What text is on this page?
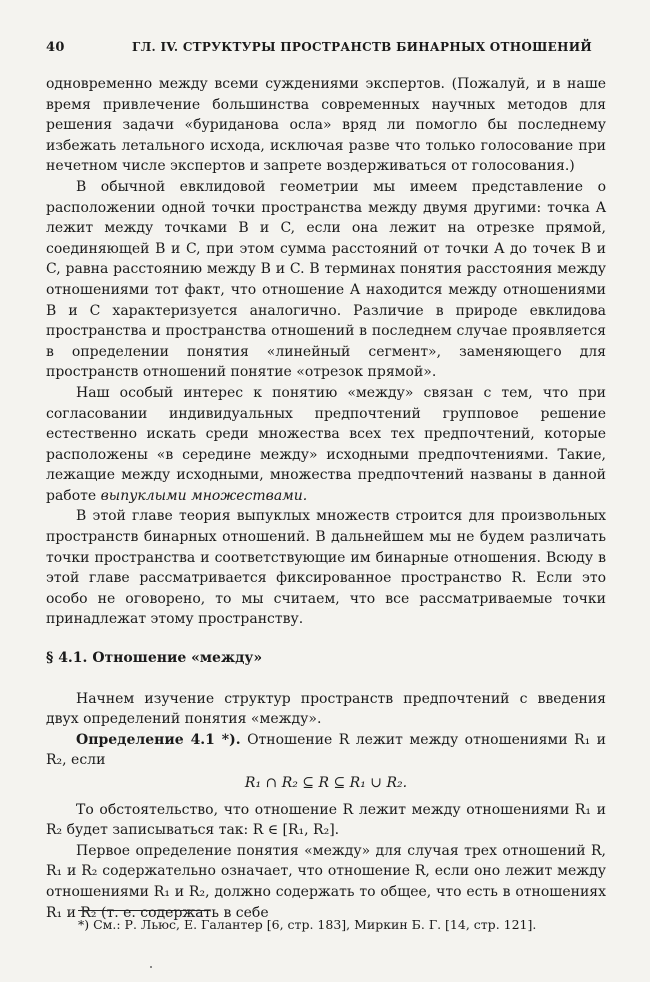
40	ГЛ. IV. СТРУКТУРЫ ПРОСТРАНСТВ БИНАРНЫХ ОТНОШЕНИЙ

одновременно между всеми суждениями экспертов. (Пожалуй, и в наше время привлечение большинства современных научных методов для решения задачи «буриданова осла» вряд ли помогло бы последнему избежать летального исхода, исключая разве что только голосование при нечетном числе экспертов и запрете воздерживаться от голосования.)

В обычной евклидовой геометрии мы имеем представление о расположении одной точки пространства между двумя другими: точка A лежит между точками B и C, если она лежит на отрезке прямой, соединяющей B и C, при этом сумма расстояний от точки A до точек B и C, равна расстоянию между B и C. В терминах понятия расстояния между отношениями тот факт, что отношение A находится между отношениями B и C характеризуется аналогично. Различие в природе евклидова пространства и пространства отношений в последнем случае проявляется в определении понятия «линейный сегмент», заменяющего для пространств отношений понятие «отрезок прямой».

Наш особый интерес к понятию «между» связан с тем, что при согласовании индивидуальных предпочтений групповое решение естественно искать среди множества всех тех предпочтений, которые расположены «в середине между» исходными предпочтениями. Такие, лежащие между исходными, множества предпочтений названы в данной работе выпуклыми множествами.

В этой главе теория выпуклых множеств строится для произвольных пространств бинарных отношений. В дальнейшем мы не будем различать точки пространства и соответствующие им бинарные отношения. Всюду в этой главе рассматривается фиксированное пространство R. Если это особо не оговорено, то мы считаем, что все рассматриваемые точки принадлежат этому пространству.

§ 4.1. Отношение «между»

Начнем изучение структур пространств предпочтений с введения двух определений понятия «между».

Определение 4.1 *). Отношение R лежит между отношениями R₁ и R₂, если

R₁ ∩ R₂ ⊆ R ⊆ R₁ ∪ R₂.

То обстоятельство, что отношение R лежит между отношениями R₁ и R₂ будет записываться так: R ∈ [R₁, R₂].

Первое определение понятия «между» для случая трех отношений R, R₁ и R₂ содержательно означает, что отношение R, если оно лежит между отношениями R₁ и R₂, должно содержать то общее, что есть в отношениях R₁ и R₂ (т. е. содержать в себе

*) См.: Р. Льюс, Е. Галантер [6, стр. 183], Миркин Б. Г. [14, стр. 121].
